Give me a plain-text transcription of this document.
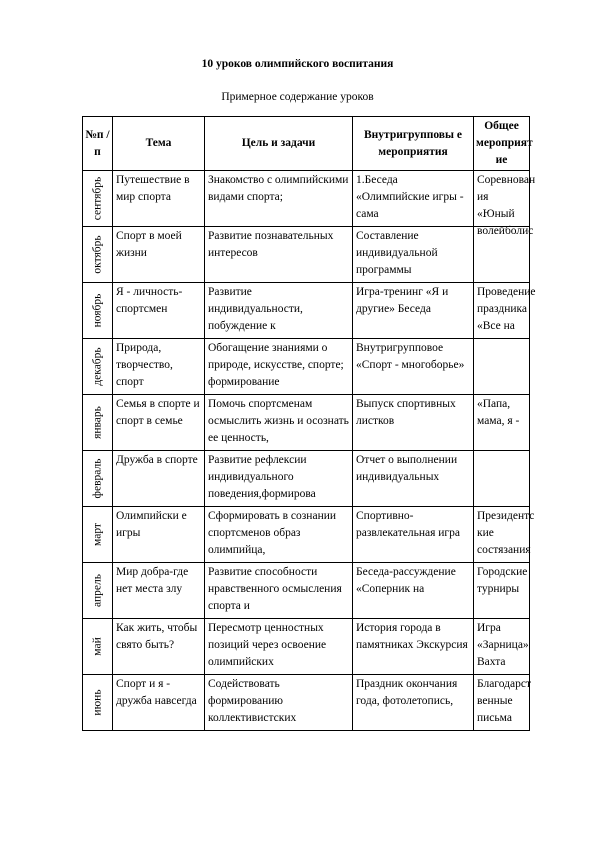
10 уроков олимпийского воспитания
Примерное содержание уроков
№п /п	Тема	Цель и задачи	Внутригрупповы е мероприятия	Общее мероприят ие

сентябрь	Путешествие в мир спорта	Знакомство с олимпийскими видами спорта;	1.Беседа «Олимпийские игры - сама	Соревнован ия «Юный волейболис

октябрь	Спорт в моей жизни	Развитие познавательных интересов	Составление индивидуальной программы	

ноябрь	Я - личность-спортсмен	Развитие индивидуальности, побуждение к	Игра-тренинг «Я и другие» Беседа	Проведение праздника «Все на

декабрь	Природа, творчество, спорт	Обогащение знаниями о природе, искусстве, спорте; формирование	Внутригрупповое «Спорт - многоборье»	

январь	Семья в спорте и спорт в семье	Помочь спортсменам осмыслить жизнь и осознать ее ценность,	Выпуск спортивных листков	«Папа, мама, я -

февраль	Дружба в спорте	Развитие рефлексии индивидуального поведения,формирова	Отчет о выполнении индивидуальных	

март	Олимпийски е игры	Сформировать в сознании спортсменов образ олимпийца,	Спортивно-развлекательная игра	Президентс кие состязания

апрель	Мир добра-где нет места злу	Развитие способности нравственного осмысления спорта и	Беседа-рассуждение «Соперник на	Городские турниры

май	Как жить, чтобы свято быть?	Пересмотр ценностных позиций через освоение олимпийских	История города в памятниках Экскурсия	Игра «Зарница» Вахта

июнь	Спорт и я - дружба навсегда	Содействовать формированию коллективистских	Праздник окончания года, фотолетопись,	Благодарст венные письма
